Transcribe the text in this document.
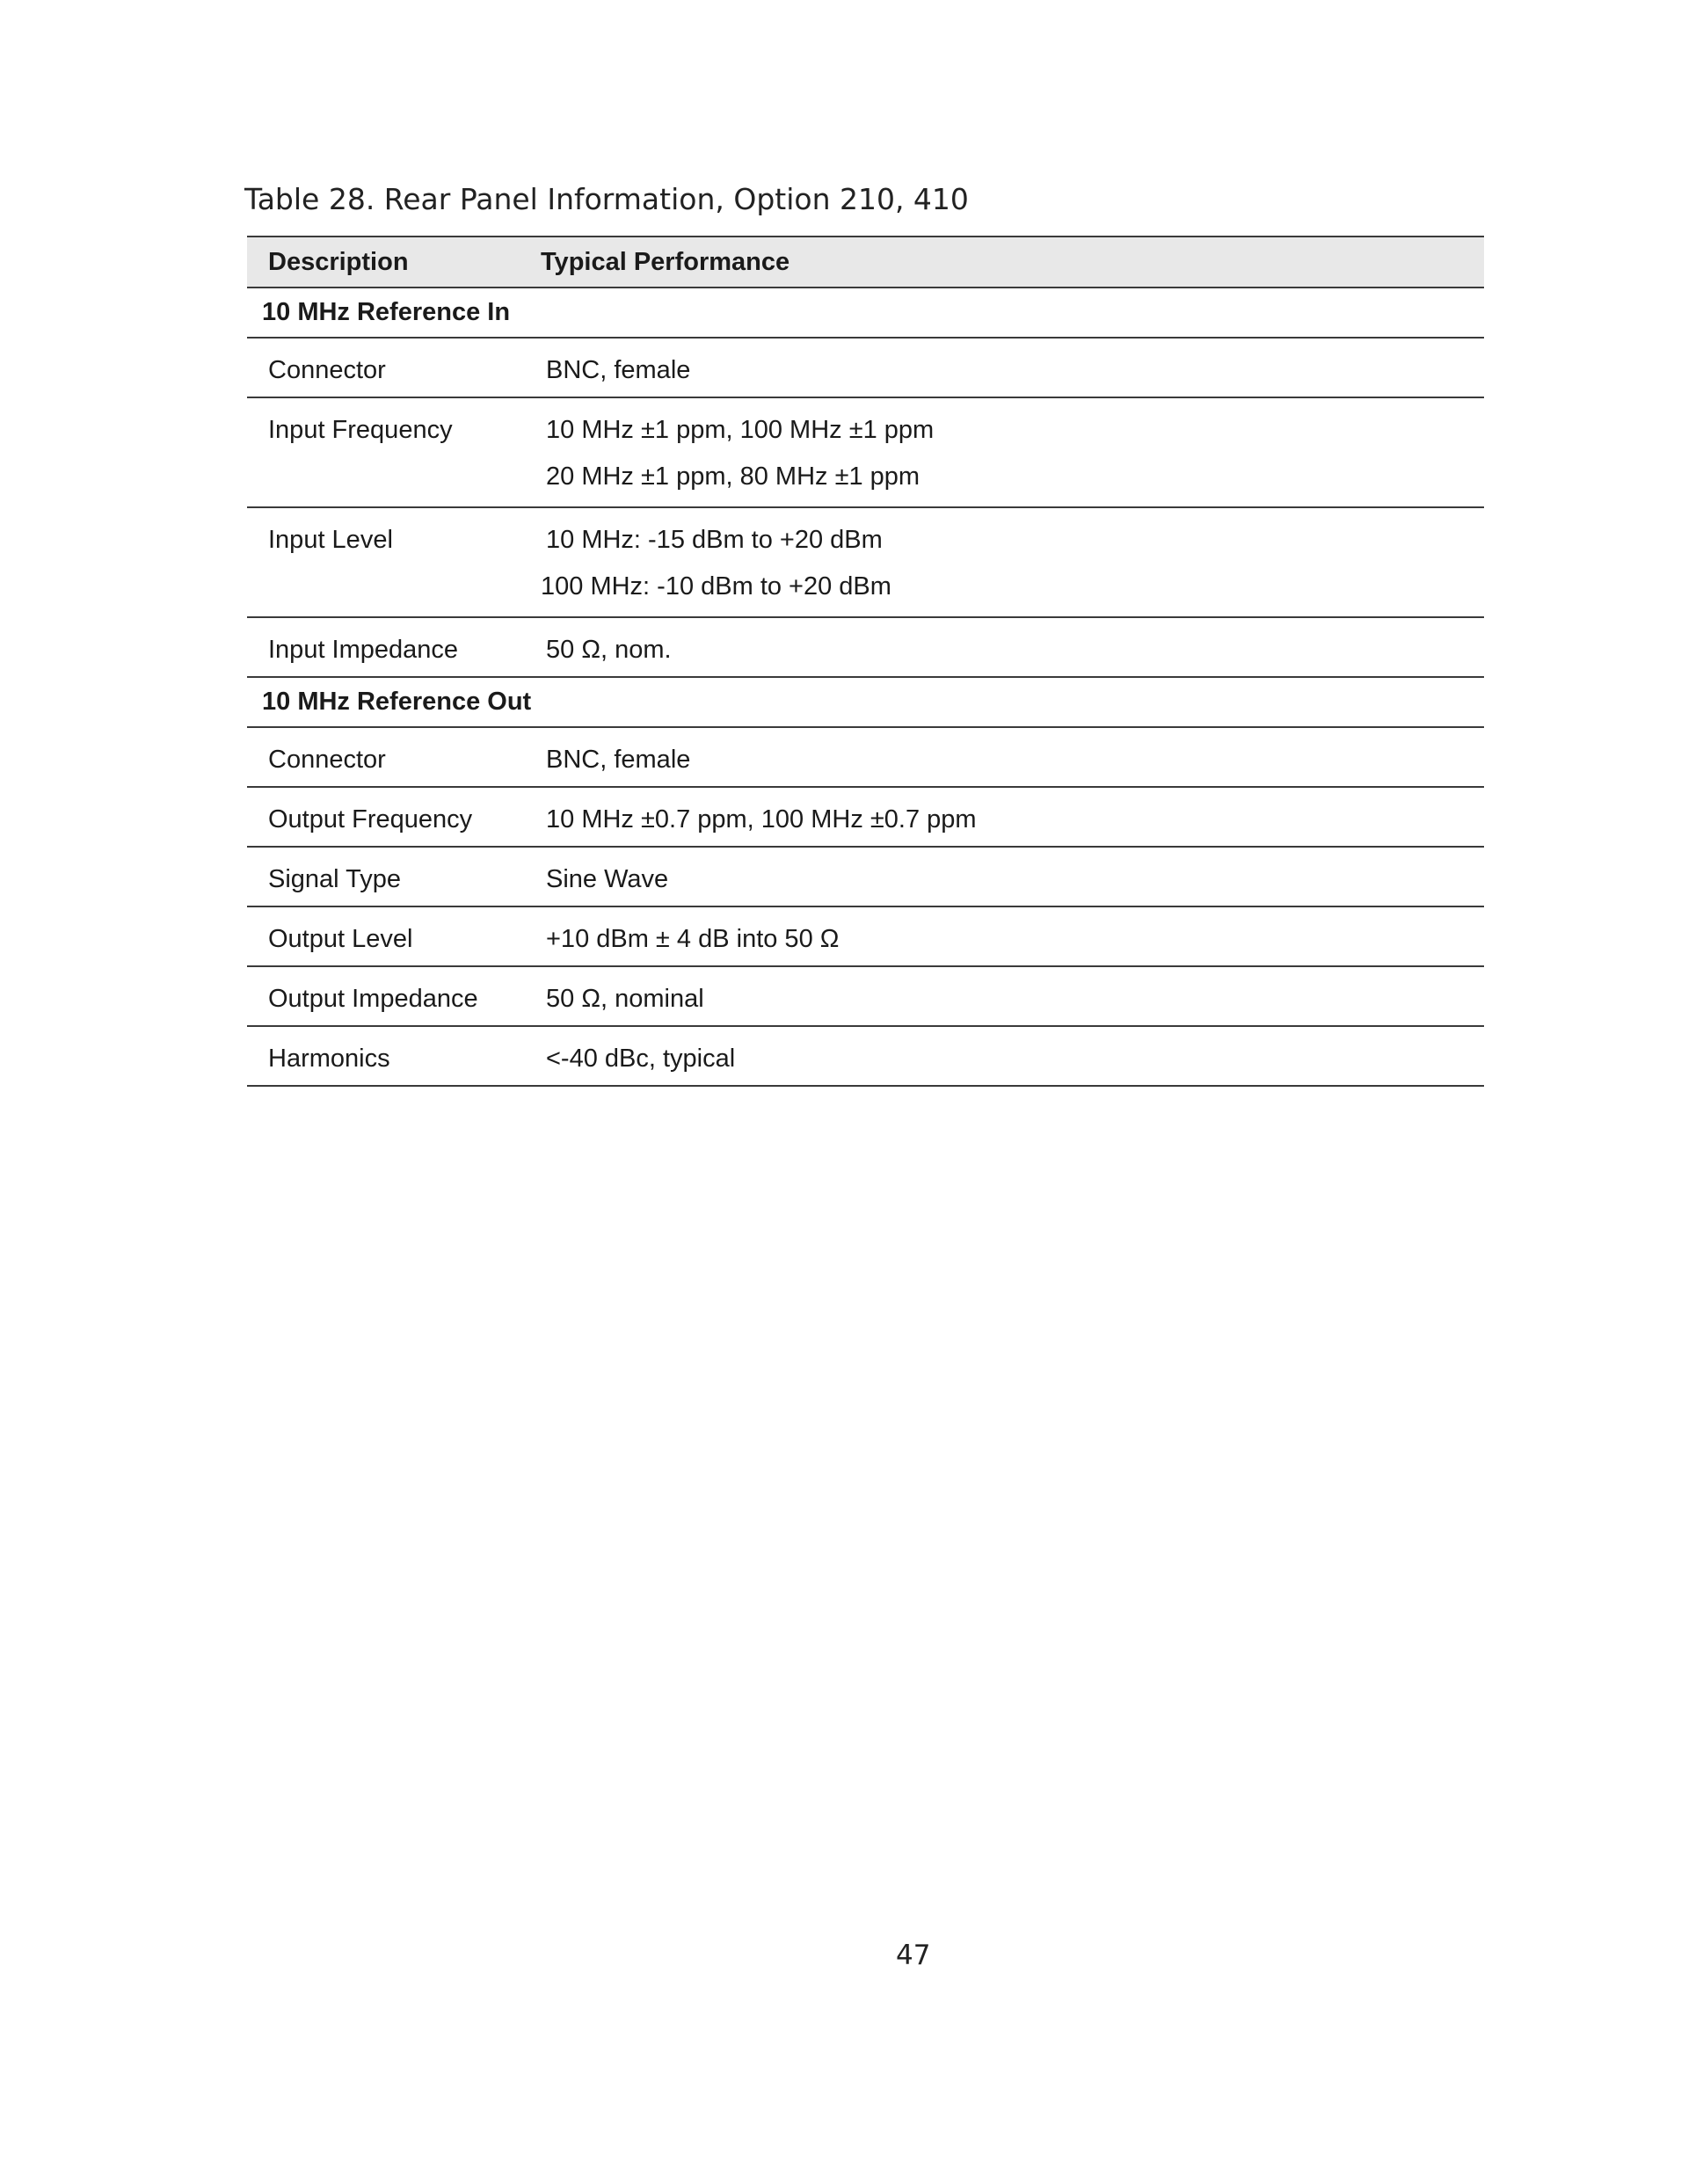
Table 28. Rear Panel Information, Option 210, 410
Description	Typical Performance
10 MHz Reference In
Connector	BNC, female
Input Frequency	10 MHz ±1 ppm, 100 MHz ±1 ppm
20 MHz ±1 ppm, 80 MHz ±1 ppm
Input Level	10 MHz: -15 dBm to +20 dBm
100 MHz: -10 dBm to +20 dBm
Input Impedance	50 Ω, nom.
10 MHz Reference Out
Connector	BNC, female
Output Frequency	10 MHz ±0.7 ppm, 100 MHz ±0.7 ppm
Signal Type	Sine Wave
Output Level	+10 dBm ± 4 dB into 50 Ω
Output Impedance	50 Ω, nominal
Harmonics	<-40 dBc, typical
47
